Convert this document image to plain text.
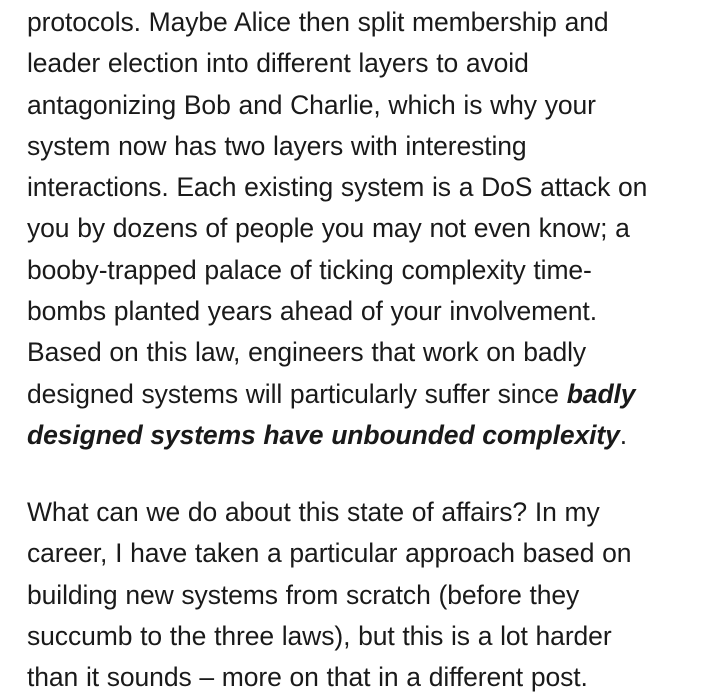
protocols. Maybe Alice then split membership and
leader election into different layers to avoid
antagonizing Bob and Charlie, which is why your
system now has two layers with interesting
interactions. Each existing system is a DoS attack on
you by dozens of people you may not even know; a
booby-trapped palace of ticking complexity time-
bombs planted years ahead of your involvement.
Based on this law, engineers that work on badly
designed systems will particularly suffer since badly
designed systems have unbounded complexity.

What can we do about this state of affairs? In my
career, I have taken a particular approach based on
building new systems from scratch (before they
succumb to the three laws), but this is a lot harder
than it sounds – more on that in a different post.
